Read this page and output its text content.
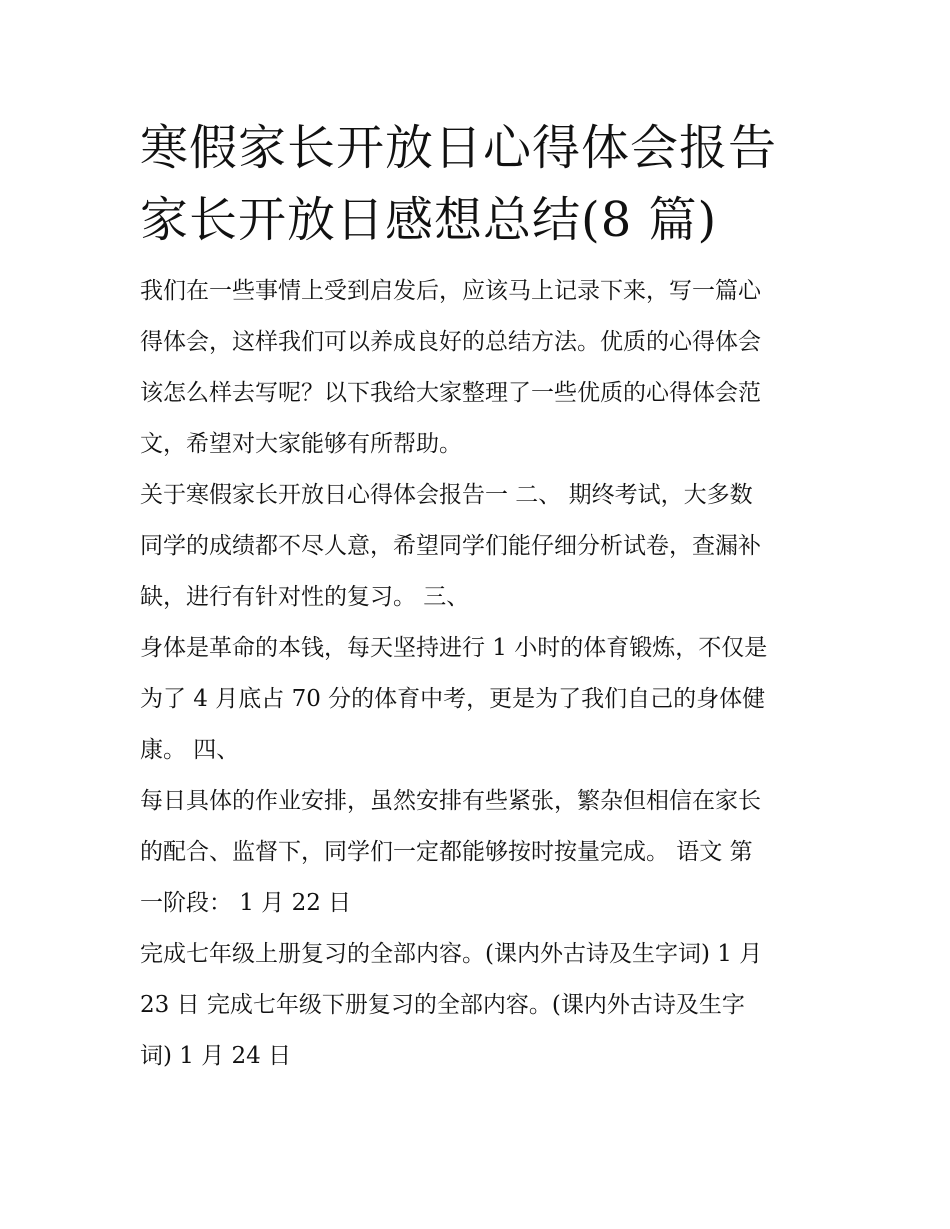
寒假家长开放日心得体会报告
家长开放日感想总结(8 篇)

我们在一些事情上受到启发后，应该马上记录下来，写一篇心
得体会，这样我们可以养成良好的总结方法。优质的心得体会
该怎么样去写呢？以下我给大家整理了一些优质的心得体会范
文，希望对大家能够有所帮助。

关于寒假家长开放日心得体会报告一 二、 期终考试，大多数
同学的成绩都不尽人意，希望同学们能仔细分析试卷，查漏补
缺，进行有针对性的复习。 三、

身体是革命的本钱，每天坚持进行 1 小时的体育锻炼，不仅是
为了 4 月底占 70 分的体育中考，更是为了我们自己的身体健
康。 四、

每日具体的作业安排，虽然安排有些紧张，繁杂但相信在家长
的配合、监督下，同学们一定都能够按时按量完成。 语文 第
一阶段： 1 月 22 日

完成七年级上册复习的全部内容。(课内外古诗及生字词) 1 月
23 日 完成七年级下册复习的全部内容。(课内外古诗及生字
词) 1 月 24 日
